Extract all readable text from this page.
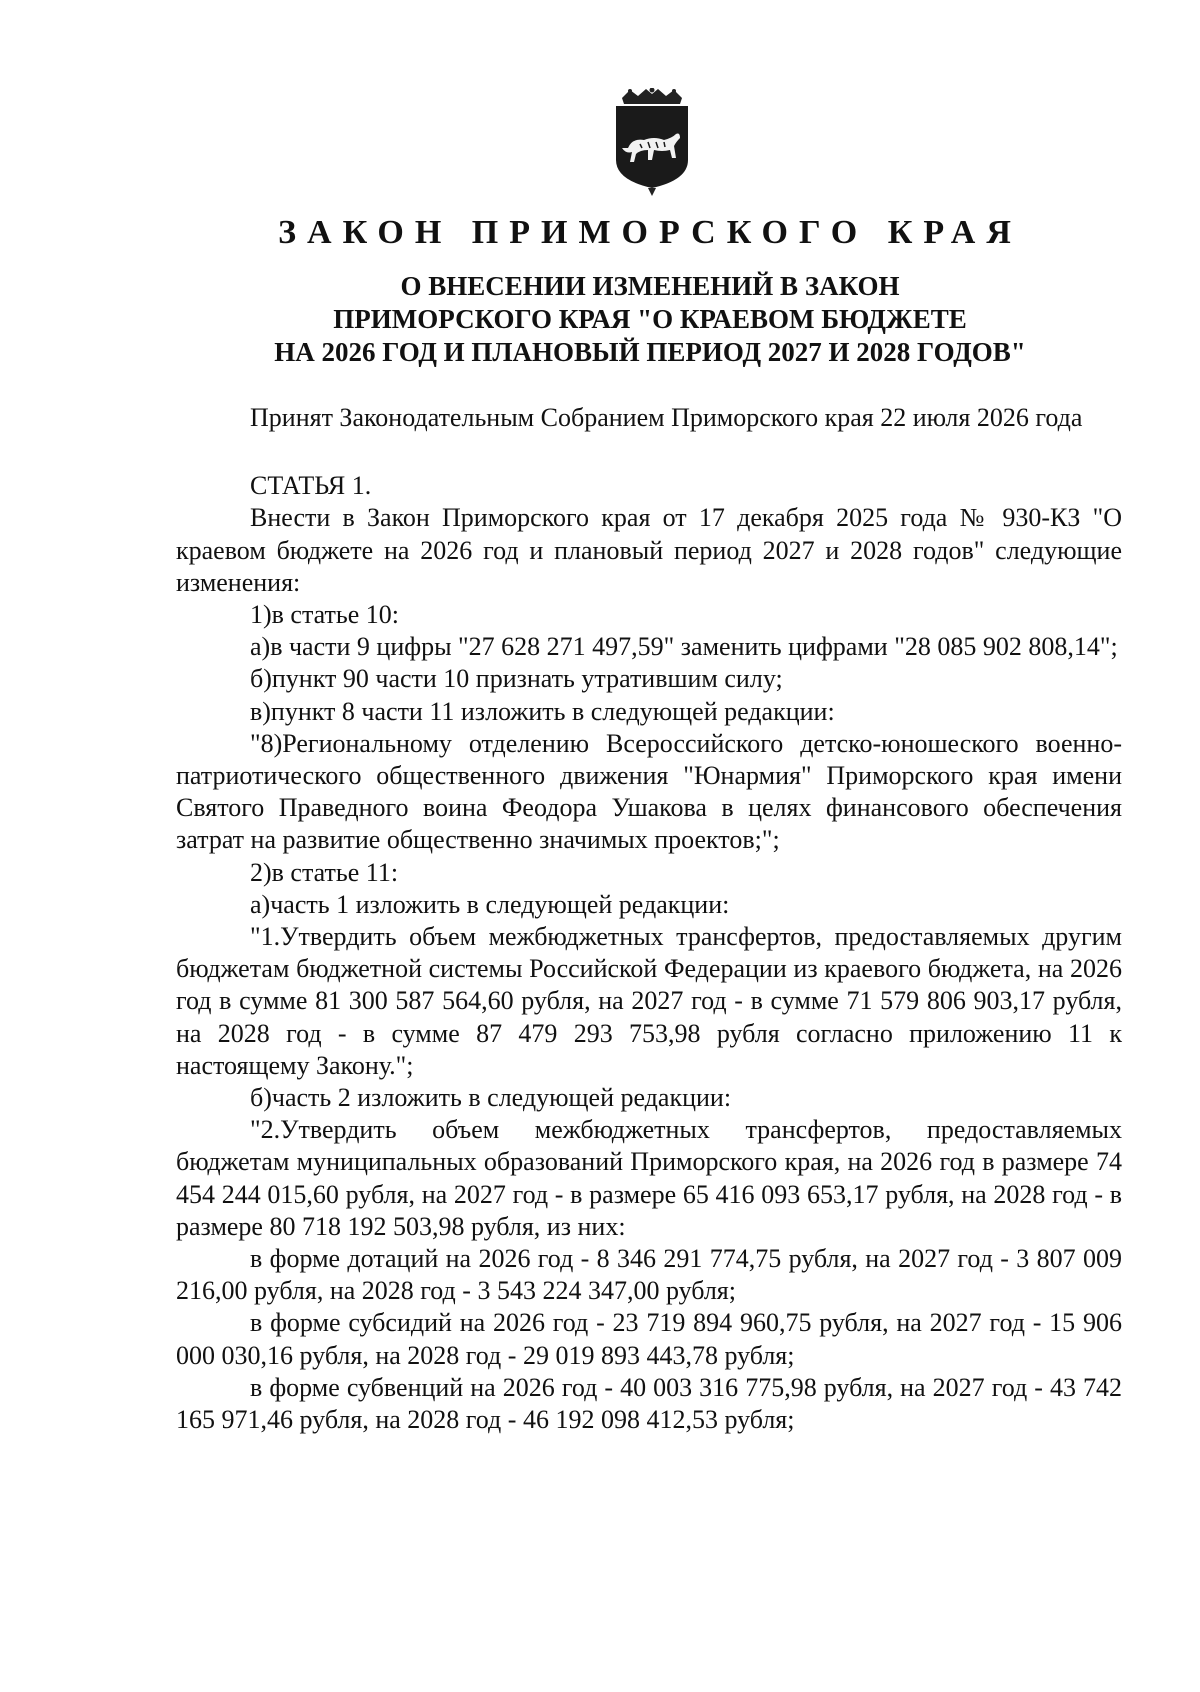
ЗАКОН ПРИМОРСКОГО КРАЯ
О ВНЕСЕНИИ ИЗМЕНЕНИЙ В ЗАКОН
ПРИМОРСКОГО КРАЯ "О КРАЕВОМ БЮДЖЕТЕ
НА 2026 ГОД И ПЛАНОВЫЙ ПЕРИОД 2027 И 2028 ГОДОВ"

Принят Законодательным Собранием Приморского края 22 июля 2026 года

СТАТЬЯ 1.

Внести в Закон Приморского края от 17 декабря 2025 года № 930-КЗ "О краевом бюджете на 2026 год и плановый период 2027 и 2028 годов" следующие изменения:

1)в статье 10:

а)в части 9 цифры "27 628 271 497,59" заменить цифрами "28 085 902 808,14";

б)пункт 90 части 10 признать утратившим силу;

в)пункт 8 части 11 изложить в следующей редакции:

"8)Региональному отделению Всероссийского детско-юношеского военно-патриотического общественного движения "Юнармия" Приморского края имени Святого Праведного воина Феодора Ушакова в целях финансового обеспечения затрат на развитие общественно значимых проектов;";

2)в статье 11:

а)часть 1 изложить в следующей редакции:

"1.Утвердить объем межбюджетных трансфертов, предоставляемых другим бюджетам бюджетной системы Российской Федерации из краевого бюджета, на 2026 год в сумме 81 300 587 564,60 рубля, на 2027 год - в сумме 71 579 806 903,17 рубля, на 2028 год - в сумме 87 479 293 753,98 рубля согласно приложению 11 к настоящему Закону.";

б)часть 2 изложить в следующей редакции:

"2.Утвердить объем межбюджетных трансфертов, предоставляемых бюджетам муниципальных образований Приморского края, на 2026 год в размере 74 454 244 015,60 рубля, на 2027 год - в размере 65 416 093 653,17 рубля, на 2028 год - в размере 80 718 192 503,98 рубля, из них:

в форме дотаций на 2026 год - 8 346 291 774,75 рубля, на 2027 год - 3 807 009 216,00 рубля, на 2028 год - 3 543 224 347,00 рубля;

в форме субсидий на 2026 год - 23 719 894 960,75 рубля, на 2027 год - 15 906 000 030,16 рубля, на 2028 год - 29 019 893 443,78 рубля;

в форме субвенций на 2026 год - 40 003 316 775,98 рубля, на 2027 год - 43 742 165 971,46 рубля, на 2028 год - 46 192 098 412,53 рубля;
